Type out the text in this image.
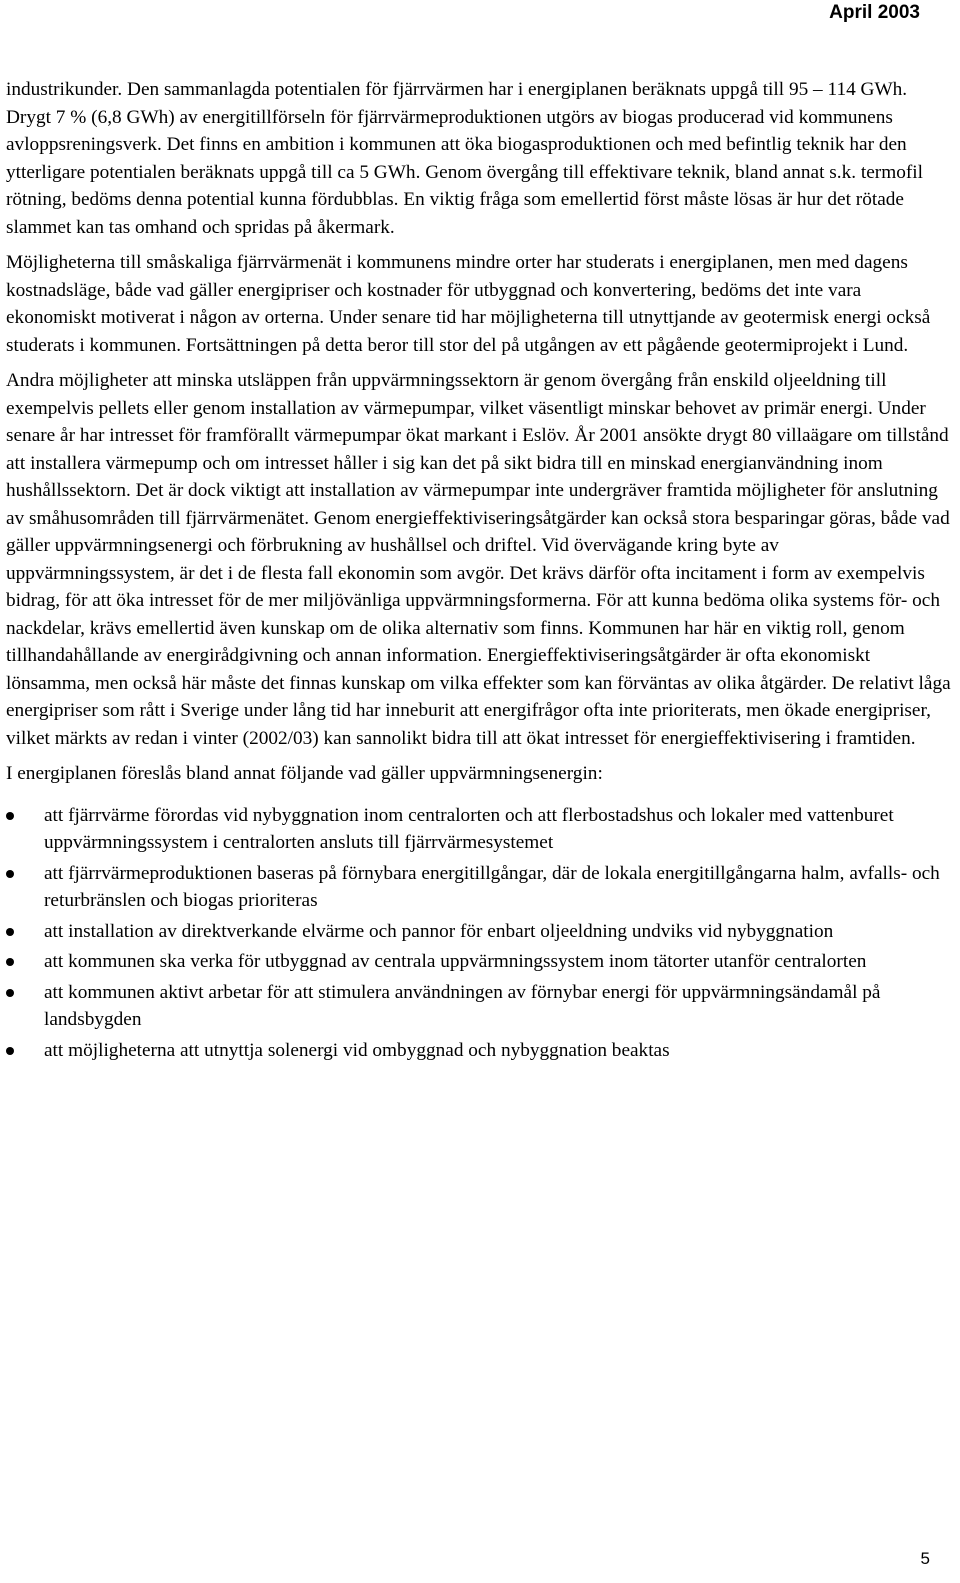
April 2003

industrikunder. Den sammanlagda potentialen för fjärrvärmen har i energiplanen beräknats uppgå till 95 – 114 GWh. Drygt 7 % (6,8 GWh) av energitillförseln för fjärrvärmeproduktionen utgörs av biogas producerad vid kommunens avloppsreningsverk. Det finns en ambition i kommunen att öka biogasproduktionen och med befintlig teknik har den ytterligare potentialen beräknats uppgå till ca 5 GWh. Genom övergång till effektivare teknik, bland annat s.k. termofil rötning, bedöms denna potential kunna fördubblas. En viktig fråga som emellertid först måste lösas är hur det rötade slammet kan tas omhand och spridas på åkermark.

Möjligheterna till småskaliga fjärrvärmenät i kommunens mindre orter har studerats i energiplanen, men med dagens kostnadsläge, både vad gäller energipriser och kostnader för utbyggnad och konvertering, bedöms det inte vara ekonomiskt motiverat i någon av orterna. Under senare tid har möjligheterna till utnyttjande av geotermisk energi också studerats i kommunen. Fortsättningen på detta beror till stor del på utgången av ett pågående geotermiprojekt i Lund.

Andra möjligheter att minska utsläppen från uppvärmningssektorn är genom övergång från enskild oljeeldning till exempelvis pellets eller genom installation av värmepumpar, vilket väsentligt minskar behovet av primär energi. Under senare år har intresset för framförallt värmepumpar ökat markant i Eslöv. År 2001 ansökte drygt 80 villaägare om tillstånd att installera värmepump och om intresset håller i sig kan det på sikt bidra till en minskad energianvändning inom hushållssektorn. Det är dock viktigt att installation av värmepumpar inte undergräver framtida möjligheter för anslutning av småhusområden till fjärrvärmenätet. Genom energieffektiviseringsåtgärder kan också stora besparingar göras, både vad gäller uppvärmningsenergi och förbrukning av hushållsel och driftel. Vid övervägande kring byte av uppvärmningssystem, är det i de flesta fall ekonomin som avgör. Det krävs därför ofta incitament i form av exempelvis bidrag, för att öka intresset för de mer miljövänliga uppvärmningsformerna. För att kunna bedöma olika systems för- och nackdelar, krävs emellertid även kunskap om de olika alternativ som finns. Kommunen har här en viktig roll, genom tillhandahållande av energirådgivning och annan information. Energieffektiviseringsåtgärder är ofta ekonomiskt lönsamma, men också här måste det finnas kunskap om vilka effekter som kan förväntas av olika åtgärder. De relativt låga energipriser som rått i Sverige under lång tid har inneburit att energifrågor ofta inte prioriterats, men ökade energipriser, vilket märkts av redan i vinter (2002/03) kan sannolikt bidra till att ökat intresset för energieffektivisering i framtiden.

I energiplanen föreslås bland annat följande vad gäller uppvärmningsenergin:

att fjärrvärme förordas vid nybyggnation inom centralorten och att flerbostadshus och lokaler med vattenburet uppvärmningssystem i centralorten ansluts till fjärrvärmesystemet
att fjärrvärmeproduktionen baseras på förnybara energitillgångar, där de lokala energitillgångarna halm, avfalls- och returbränslen och biogas prioriteras
att installation av direktverkande elvärme och pannor för enbart oljeeldning undviks vid nybyggnation
att kommunen ska verka för utbyggnad av centrala uppvärmningssystem inom tätorter utanför centralorten
att kommunen aktivt arbetar för att stimulera användningen av förnybar energi för uppvärmningsändamål på landsbygden
att möjligheterna att utnyttja solenergi vid ombyggnad och nybyggnation beaktas
5
